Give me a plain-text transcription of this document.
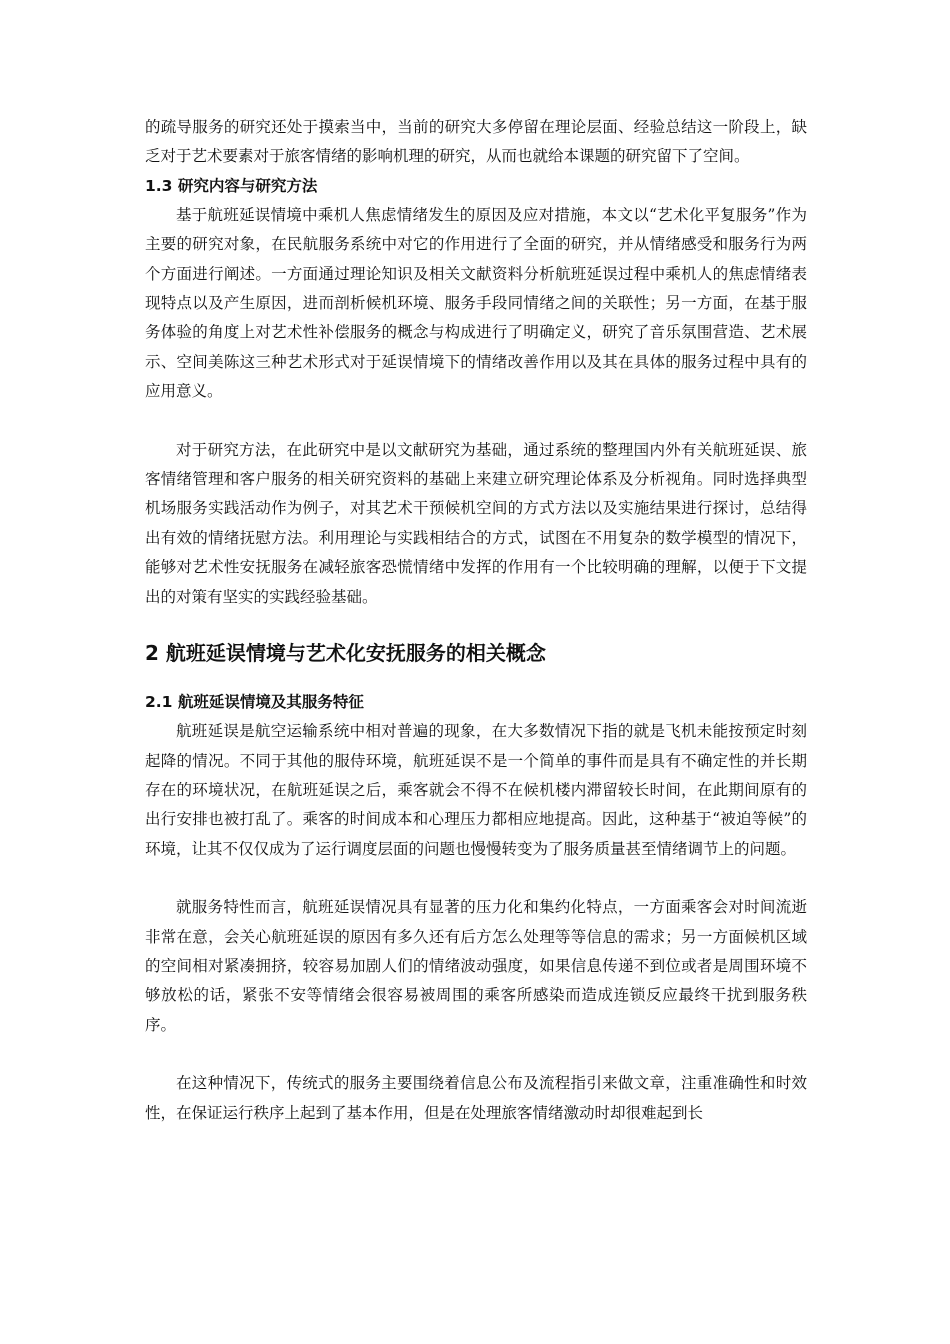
的疏导服务的研究还处于摸索当中，当前的研究大多停留在理论层面、经验总结这一阶段上，缺乏对于艺术要素对于旅客情绪的影响机理的研究，从而也就给本课题的研究留下了空间。

1.3 研究内容与研究方法

基于航班延误情境中乘机人焦虑情绪发生的原因及应对措施，本文以“艺术化平复服务”作为主要的研究对象，在民航服务系统中对它的作用进行了全面的研究，并从情绪感受和服务行为两个方面进行阐述。一方面通过理论知识及相关文献资料分析航班延误过程中乘机人的焦虑情绪表现特点以及产生原因，进而剖析候机环境、服务手段同情绪之间的关联性；另一方面，在基于服务体验的角度上对艺术性补偿服务的概念与构成进行了明确定义，研究了音乐氛围营造、艺术展示、空间美陈这三种艺术形式对于延误情境下的情绪改善作用以及其在具体的服务过程中具有的应用意义。

对于研究方法，在此研究中是以文献研究为基础，通过系统的整理国内外有关航班延误、旅客情绪管理和客户服务的相关研究资料的基础上来建立研究理论体系及分析视角。同时选择典型机场服务实践活动作为例子，对其艺术干预候机空间的方式方法以及实施结果进行探讨，总结得出有效的情绪抚慰方法。利用理论与实践相结合的方式，试图在不用复杂的数学模型的情况下，能够对艺术性安抚服务在减轻旅客恐慌情绪中发挥的作用有一个比较明确的理解，以便于下文提出的对策有坚实的实践经验基础。

2 航班延误情境与艺术化安抚服务的相关概念
2.1 航班延误情境及其服务特征

航班延误是航空运输系统中相对普遍的现象，在大多数情况下指的就是飞机未能按预定时刻起降的情况。不同于其他的服侍环境，航班延误不是一个简单的事件而是具有不确定性的并长期存在的环境状况，在航班延误之后，乘客就会不得不在候机楼内滞留较长时间，在此期间原有的出行安排也被打乱了。乘客的时间成本和心理压力都相应地提高。因此，这种基于“被迫等候”的环境，让其不仅仅成为了运行调度层面的问题也慢慢转变为了服务质量甚至情绪调节上的问题。

就服务特性而言，航班延误情况具有显著的压力化和集约化特点，一方面乘客会对时间流逝非常在意，会关心航班延误的原因有多久还有后方怎么处理等等信息的需求；另一方面候机区域的空间相对紧凑拥挤，较容易加剧人们的情绪波动强度，如果信息传递不到位或者是周围环境不够放松的话，紧张不安等情绪会很容易被周围的乘客所感染而造成连锁反应最终干扰到服务秩序。

在这种情况下，传统式的服务主要围绕着信息公布及流程指引来做文章，注重准确性和时效性，在保证运行秩序上起到了基本作用，但是在处理旅客情绪激动时却很难起到长
